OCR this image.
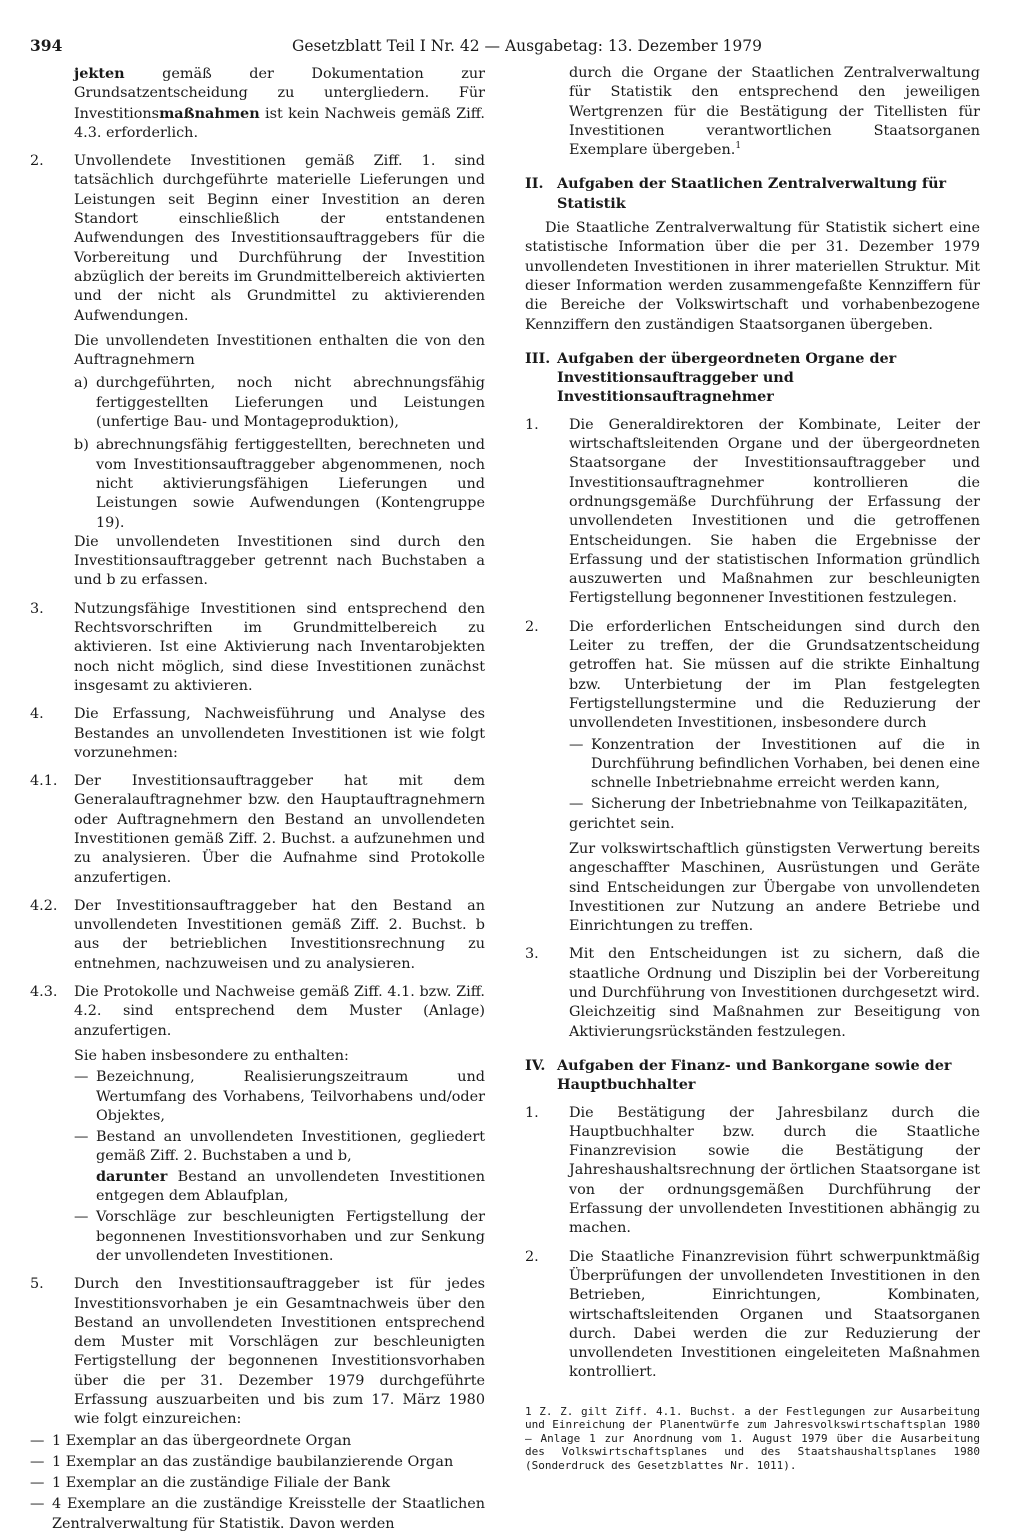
394	Gesetzblatt Teil I Nr. 42 — Ausgabetag: 13. Dezember 1979

jekten	gemäß der Dokumentation zur Grundsatzentscheidung zu untergliedern. Für Investitionsmaßnahmen ist kein Nachweis gemäß Ziff. 4.3. erforderlich.

2.	Unvollendete Investitionen gemäß Ziff. 1. sind tatsächlich durchgeführte materielle Lieferungen und Leistungen seit Beginn einer Investition an deren Standort einschließlich der entstandenen Aufwendungen des Investitionsauftraggebers für die Vorbereitung und Durchführung der Investition abzüglich der bereits im Grundmittelbereich aktivierten und der nicht als Grundmittel zu aktivierenden Aufwendungen.

Die unvollendeten Investitionen enthalten die von den Auftragnehmern

a) durchgeführten, noch nicht abrechnungsfähig fertiggestellten Lieferungen und Leistungen (unfertige Bau- und Montageproduktion),

b) abrechnungsfähig fertiggestellten, berechneten und vom Investitionsauftraggeber abgenommenen, noch nicht aktivierungsfähigen Lieferungen und Leistungen sowie Aufwendungen (Kontengruppe 19).

Die unvollendeten Investitionen sind durch den Investitionsauftraggeber getrennt nach Buchstaben a und b zu erfassen.

3.	Nutzungsfähige Investitionen sind entsprechend den Rechtsvorschriften im Grundmittelbereich zu aktivieren. Ist eine Aktivierung nach Inventarobjekten noch nicht möglich, sind diese Investitionen zunächst insgesamt zu aktivieren.

4.	Die Erfassung, Nachweisführung und Analyse des Bestandes an unvollendeten Investitionen ist wie folgt vorzunehmen:

4.1.	Der Investitionsauftraggeber hat mit dem Generalauftragnehmer bzw. den Hauptauftragnehmern oder Auftragnehmern den Bestand an unvollendeten Investitionen gemäß Ziff. 2. Buchst. a aufzunehmen und zu analysieren. Über die Aufnahme sind Protokolle anzufertigen.

4.2.	Der Investitionsauftraggeber hat den Bestand an unvollendeten Investitionen gemäß Ziff. 2. Buchst. b aus der betrieblichen Investitionsrechnung zu entnehmen, nachzuweisen und zu analysieren.

4.3.	Die Protokolle und Nachweise gemäß Ziff. 4.1. bzw. Ziff. 4.2. sind entsprechend dem Muster (Anlage) anzufertigen.

Sie haben insbesondere zu enthalten:

— Bezeichnung, Realisierungszeitraum und Wertumfang des Vorhabens, Teilvorhabens und/oder Objektes,

— Bestand an unvollendeten Investitionen, gegliedert gemäß Ziff. 2. Buchstaben a und b,
darunter Bestand an unvollendeten Investitionen entgegen dem Ablaufplan,

— Vorschläge zur beschleunigten Fertigstellung der begonnenen Investitionsvorhaben und zur Senkung der unvollendeten Investitionen.

5.	Durch den Investitionsauftraggeber ist für jedes Investitionsvorhaben je ein Gesamtnachweis über den Bestand an unvollendeten Investitionen entsprechend dem Muster mit Vorschlägen zur beschleunigten Fertigstellung der begonnenen Investitionsvorhaben über die per 31. Dezember 1979 durchgeführte Erfassung auszuarbeiten und bis zum 17. März 1980 wie folgt einzureichen:

— 1 Exemplar an das übergeordnete Organ

— 1 Exemplar an das zuständige baubilanzierende Organ

— 1 Exemplar an die zuständige Filiale der Bank

— 4 Exemplare an die zuständige Kreisstelle der Staatlichen Zentralverwaltung für Statistik. Davon werden

durch die Organe der Staatlichen Zentralverwaltung für Statistik den entsprechend den jeweiligen Wertgrenzen für die Bestätigung der Titellisten für Investitionen verantwortlichen Staatsorganen Exemplare übergeben.$^1$

II. Aufgaben der Staatlichen Zentralverwaltung für Statistik

Die Staatliche Zentralverwaltung für Statistik sichert eine statistische Information über die per 31. Dezember 1979 unvollendeten Investitionen in ihrer materiellen Struktur. Mit dieser Information werden zusammengefaßte Kennziffern für die Bereiche der Volkswirtschaft und vorhabenbezogene Kennziffern den zuständigen Staatsorganen übergeben.

III. Aufgaben der übergeordneten Organe der Investitionsauftraggeber und Investitionsauftragnehmer
1.	Die Generaldirektoren der Kombinate, Leiter der wirtschaftsleitenden Organe und der übergeordneten Staatsorgane der Investitionsauftraggeber und Investitionsauftragnehmer kontrollieren die ordnungsgemäße Durchführung der Erfassung der unvollendeten Investitionen und die getroffenen Entscheidungen. Sie haben die Ergebnisse der Erfassung und der statistischen Information gründlich auszuwerten und Maßnahmen zur beschleunigten Fertigstellung begonnener Investitionen festzulegen.

2.	Die erforderlichen Entscheidungen sind durch den Leiter zu treffen, der die Grundsatzentscheidung getroffen hat. Sie müssen auf die strikte Einhaltung bzw. Unterbietung der im Plan festgelegten Fertigstellungstermine und die Reduzierung der unvollendeten Investitionen, insbesondere durch

— Konzentration der Investitionen auf die in Durchführung befindlichen Vorhaben, bei denen eine schnelle Inbetriebnahme erreicht werden kann,

— Sicherung der Inbetriebnahme von Teilkapazitäten,

gerichtet sein.

Zur volkswirtschaftlich günstigsten Verwertung bereits angeschaffter Maschinen, Ausrüstungen und Geräte sind Entscheidungen zur Übergabe von unvollendeten Investitionen zur Nutzung an andere Betriebe und Einrichtungen zu treffen.

3.	Mit den Entscheidungen ist zu sichern, daß die staatliche Ordnung und Disziplin bei der Vorbereitung und Durchführung von Investitionen durchgesetzt wird. Gleichzeitig sind Maßnahmen zur Beseitigung von Aktivierungsrückständen festzulegen.

IV. Aufgaben der Finanz- und Bankorgane sowie der Hauptbuchhalter
1.	Die Bestätigung der Jahresbilanz durch die Hauptbuchhalter bzw. durch die Staatliche Finanzrevision sowie die Bestätigung der Jahreshaushaltsrechnung der örtlichen Staatsorgane ist von der ordnungsgemäßen Durchführung der Erfassung der unvollendeten Investitionen abhängig zu machen.

2.	Die Staatliche Finanzrevision führt schwerpunktmäßig Überprüfungen der unvollendeten Investitionen in den Betrieben, Einrichtungen, Kombinaten, wirtschaftsleitenden Organen und Staatsorganen durch. Dabei werden die zur Reduzierung der unvollendeten Investitionen eingeleiteten Maßnahmen kontrolliert.

1 Z. Z. gilt Ziff. 4.1. Buchst. a der Festlegungen zur Ausarbeitung und Einreichung der Planentwürfe zum Jahresvolkswirtschaftsplan 1980 — Anlage 1 zur Anordnung vom 1. August 1979 über die Ausarbeitung des Volkswirtschaftsplanes und des Staatshaushaltsplanes 1980 (Sonderdruck des Gesetzblattes Nr. 1011).
